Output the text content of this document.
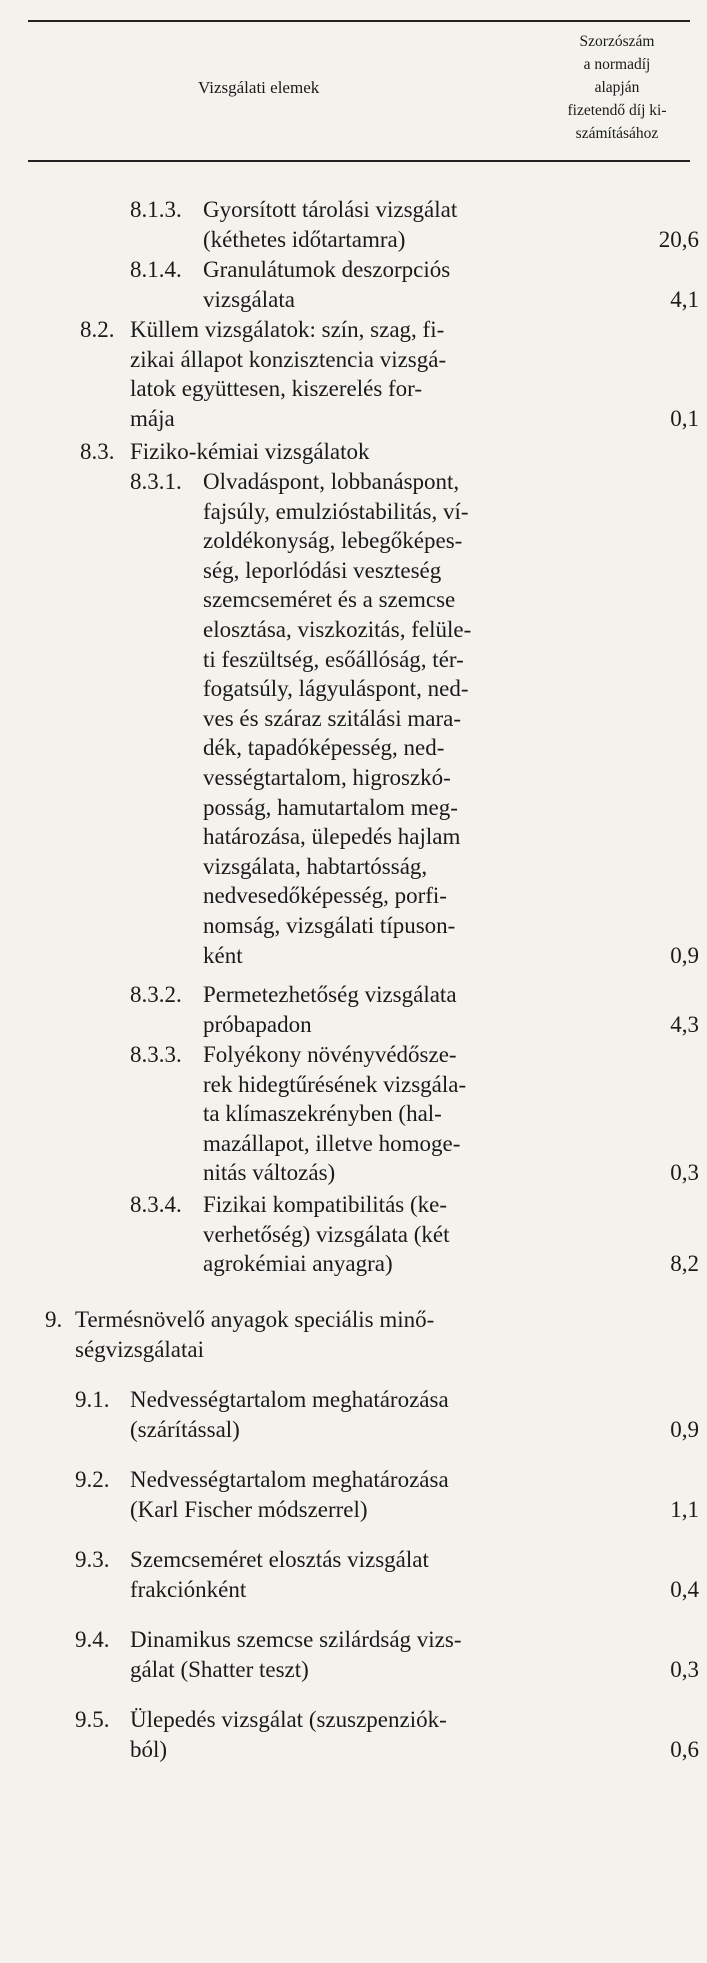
Vizsgálati elemek
Szorzószám
a normadíj
alapján
fizetendő díj ki-
számításához
8.1.3. Gyorsított tárolási vizsgálat
(kéthetes időtartamra)	20,6
8.1.4. Granulátumok deszorpciós
vizsgálata	4,1
8.2. Küllem vizsgálatok: szín, szag, fi-
zikai állapot konzisztencia vizsgá-
latok együttesen, kiszerelés for-
mája	0,1
8.3. Fiziko-kémiai vizsgálatok
8.3.1. Olvadáspont, lobbanáspont,
fajsúly, emulzióstabilitás, ví-
zoldékonyság, lebegőképes-
ség, leporlódási veszteség
szemcseméret és a szemcse
elosztása, viszkozitás, felüle-
ti feszültség, esőállóság, tér-
fogatsúly, lágyuláspont, ned-
ves és száraz szitálási mara-
dék, tapadóképesség, ned-
vességtartalom, higroszkó-
posság, hamutartalom meg-
határozása, ülepedés hajlam
vizsgálata, habtartósság,
nedvesedőképesség, porfi-
nomság, vizsgálati típuson-
ként	0,9
8.3.2. Permetezhetőség vizsgálata
próbapadon	4,3
8.3.3. Folyékony növényvédősze-
rek hidegtűrésének vizsgála-
ta klímaszekrényben (hal-
mazállapot, illetve homoge-
nitás változás)	0,3
8.3.4. Fizikai kompatibilitás (ke-
verhetőség) vizsgálata (két
agrokémiai anyagra)	8,2
9. Termésnövelő anyagok speciális minő-
ségvizsgálatai
9.1. Nedvességtartalom meghatározása
(szárítással)	0,9
9.2. Nedvességtartalom meghatározása
(Karl Fischer módszerrel)	1,1
9.3. Szemcseméret elosztás vizsgálat
frakciónként	0,4
9.4. Dinamikus szemcse szilárdság vizs-
gálat (Shatter teszt)	0,3
9.5. Ülepedés vizsgálat (szuszpenziók-
ból)	0,6
